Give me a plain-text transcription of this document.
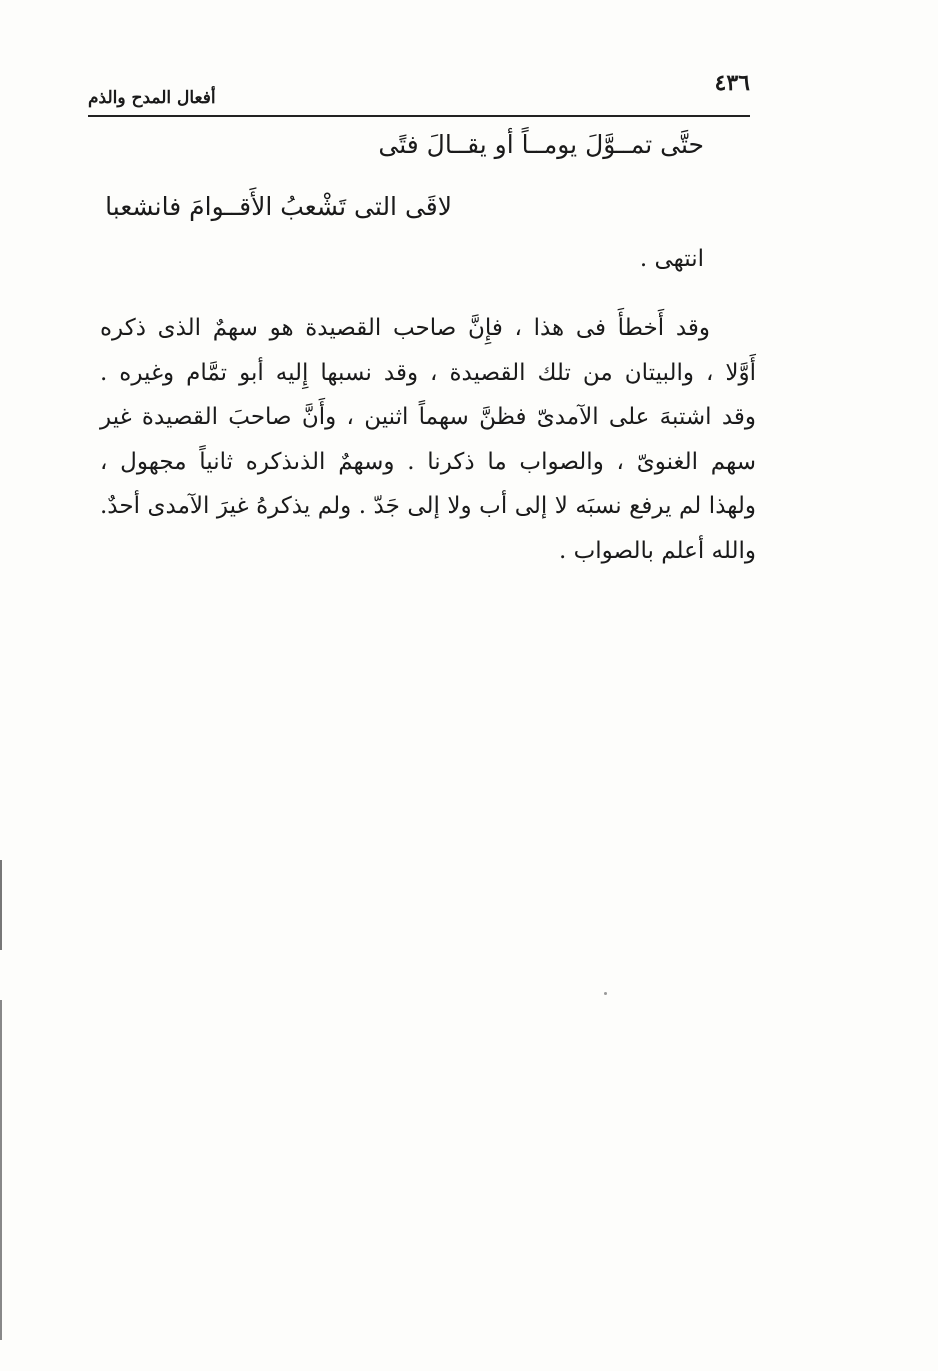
٤٣٦
أفعال المدح والذم
حتَّى تمــوَّلَ يومــاً أو يقــالَ فتًى
لاقَى التى تَشْعبُ الأَقــوامَ فانشعبا
انتهى .
وقد أَخطأَ فى هذا ، فإِنَّ صاحب القصيدة هو سهمٌ الذى ذكره
أَوَّلا ، والبيتان من تلك القصيدة ، وقد نسبها إِليه أبو تمَّام وغيره .
وقد اشتبهَ على الآمدىّ فظنَّ سهماً اثنين ، وأَنَّ صاحبَ القصيدة غير
سهم الغنوىّ ، والصواب ما ذكرنا . وسهمٌ الذىذكره ثانياً مجهول ،
ولهذا لم يرفع نسبَه لا إلى أب ولا إلى جَدّ . ولم يذكرهُ غيرَ الآمدى أحدٌ.
والله أعلم بالصواب .
